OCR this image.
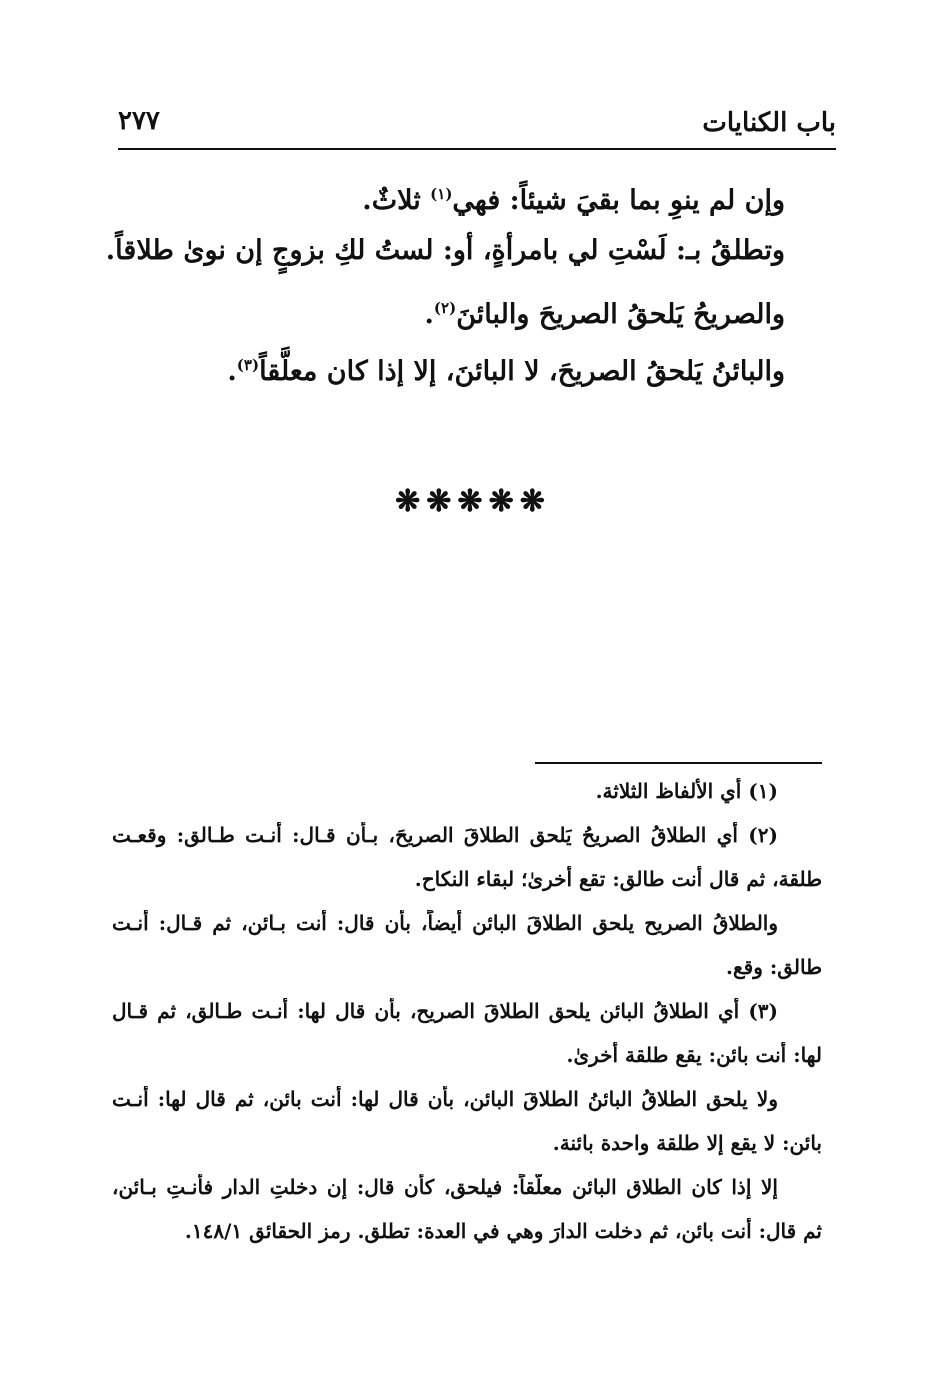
باب الكنايات
٢٧٧
وإن لم ينوِ بما بقيَ شيئاً: فهي$^{(١)}$ ثلاثٌ.
وتطلقُ بـ: لَسْتِ لي بامرأةٍ، أو: لستُ لكِ بزوجٍ إن نوىٰ طلاقاً.
والصريحُ يَلحقُ الصريحَ والبائنَ$^{(٢)}$.
والبائنُ يَلحقُ الصريحَ، لا البائنَ، إلا إذا كان معلَّقاً$^{(٣)}$.
❋❋❋❋❋
(١) أي الألفاظ الثلاثة.
(٢) أي الطلاقُ الصريحُ يَلحق الطلاقَ الصريحَ، بـأن قـال: أنـت طـالق: وقعـت
طلقة، ثم قال أنت طالق: تقع أخرىٰ؛ لبقاء النكاح.
والطلاقُ الصريح يلحق الطلاقَ البائن أيضاً، بأن قال: أنت بـائن، ثم قـال: أنـت
طالق: وقع.
(٣) أي الطلاقُ البائن يلحق الطلاقَ الصريح، بأن قال لها: أنـت طـالق، ثم قـال
لها: أنت بائن: يقع طلقة أخرىٰ.
ولا يلحق الطلاقُ البائنُ الطلاقَ البائن، بأن قال لها: أنت بائن، ثم قال لها: أنـت
بائن: لا يقع إلا طلقة واحدة بائنة.
إلا إذا كان الطلاق البائن معلَّقاً: فيلحق، كأن قال: إن دخلتِ الدار فأنـتِ بـائن،
ثم قال: أنت بائن، ثم دخلت الدارَ وهي في العدة: تطلق. رمز الحقائق ١٤٨/١.
